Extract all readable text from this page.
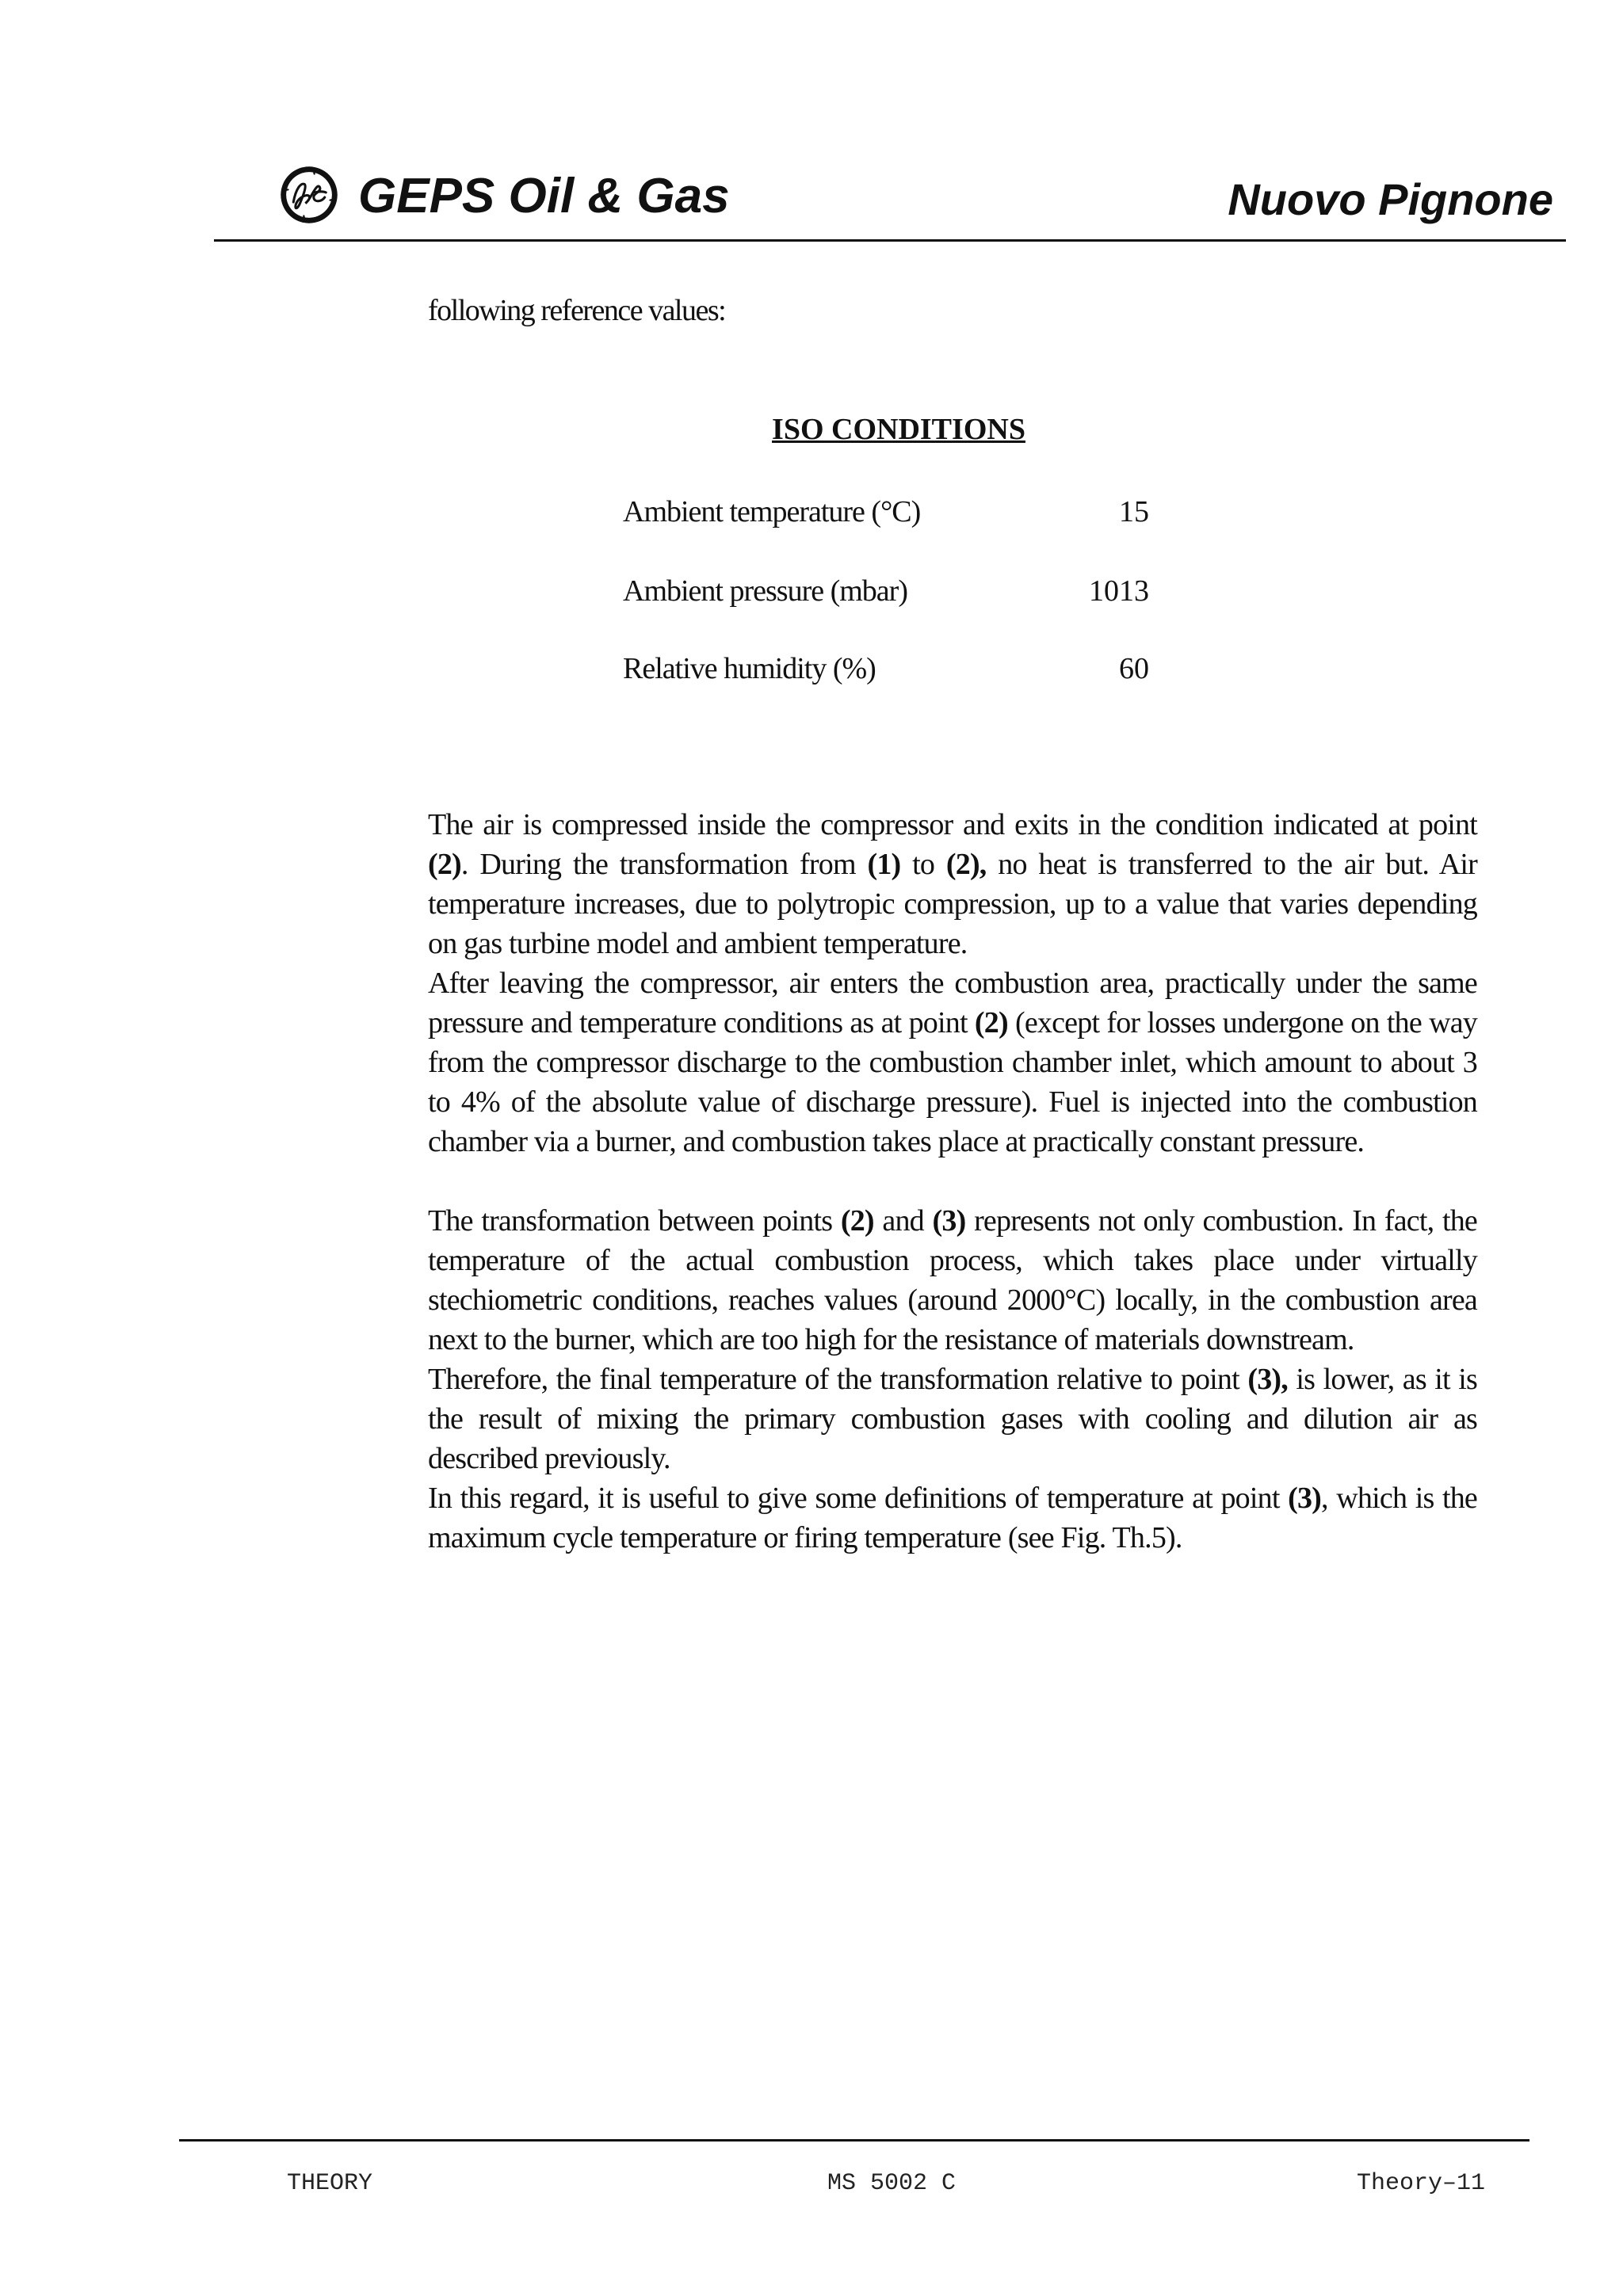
GEPS Oil & Gas	Nuovo Pignone
following reference values:
ISO CONDITIONS
Ambient temperature (°C)	15
Ambient pressure (mbar)	1013
Relative humidity (%)	60

The air is compressed inside the compressor and exits in the condition indicated at point (2). During the transformation from (1) to (2), no heat is transferred to the air but. Air temperature increases, due to polytropic compression, up to a value that varies depending on gas turbine model and ambient temperature.

After leaving the compressor, air enters the combustion area, practically under the same pressure and temperature conditions as at point (2) (except for losses undergone on the way from the compressor discharge to the combustion chamber inlet, which amount to about 3 to 4% of the absolute value of discharge pressure). Fuel is injected into the combustion chamber via a burner, and combustion takes place at practically constant pressure.

The transformation between points (2) and (3) represents not only combustion. In fact, the temperature of the actual combustion process, which takes place under virtually stechiometric conditions, reaches values (around 2000°C) locally, in the combustion area next to the burner, which are too high for the resistance of materials downstream.

Therefore, the final temperature of the transformation relative to point (3), is lower, as it is the result of mixing the primary combustion gases with cooling and dilution air as described previously.

In this regard, it is useful to give some definitions of temperature at point (3), which is the maximum cycle temperature or firing temperature (see Fig. Th.5).

THEORY	MS 5002 C	Theory–11
